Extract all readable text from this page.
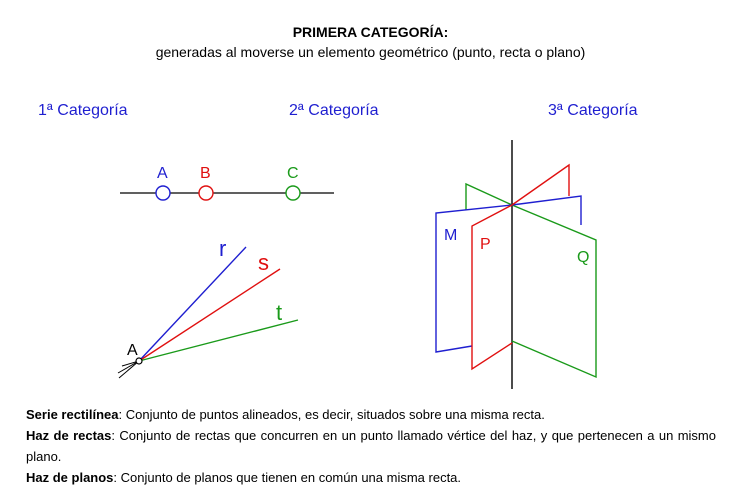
PRIMERA CATEGORÍA:
generadas al moverse un elemento geométrico (punto, recta o plano)
1ª Categoría	2ª Categoría	3ª Categoría
A B	C
A
r
s
t
M
P
Q

Serie rectilínea: Conjunto de puntos alineados, es decir, situados sobre una misma recta.

Haz de rectas: Conjunto de rectas que concurren en un punto llamado vértice del haz, y que pertenecen a un mismo plano.

Haz de planos: Conjunto de planos que tienen en común una misma recta.
